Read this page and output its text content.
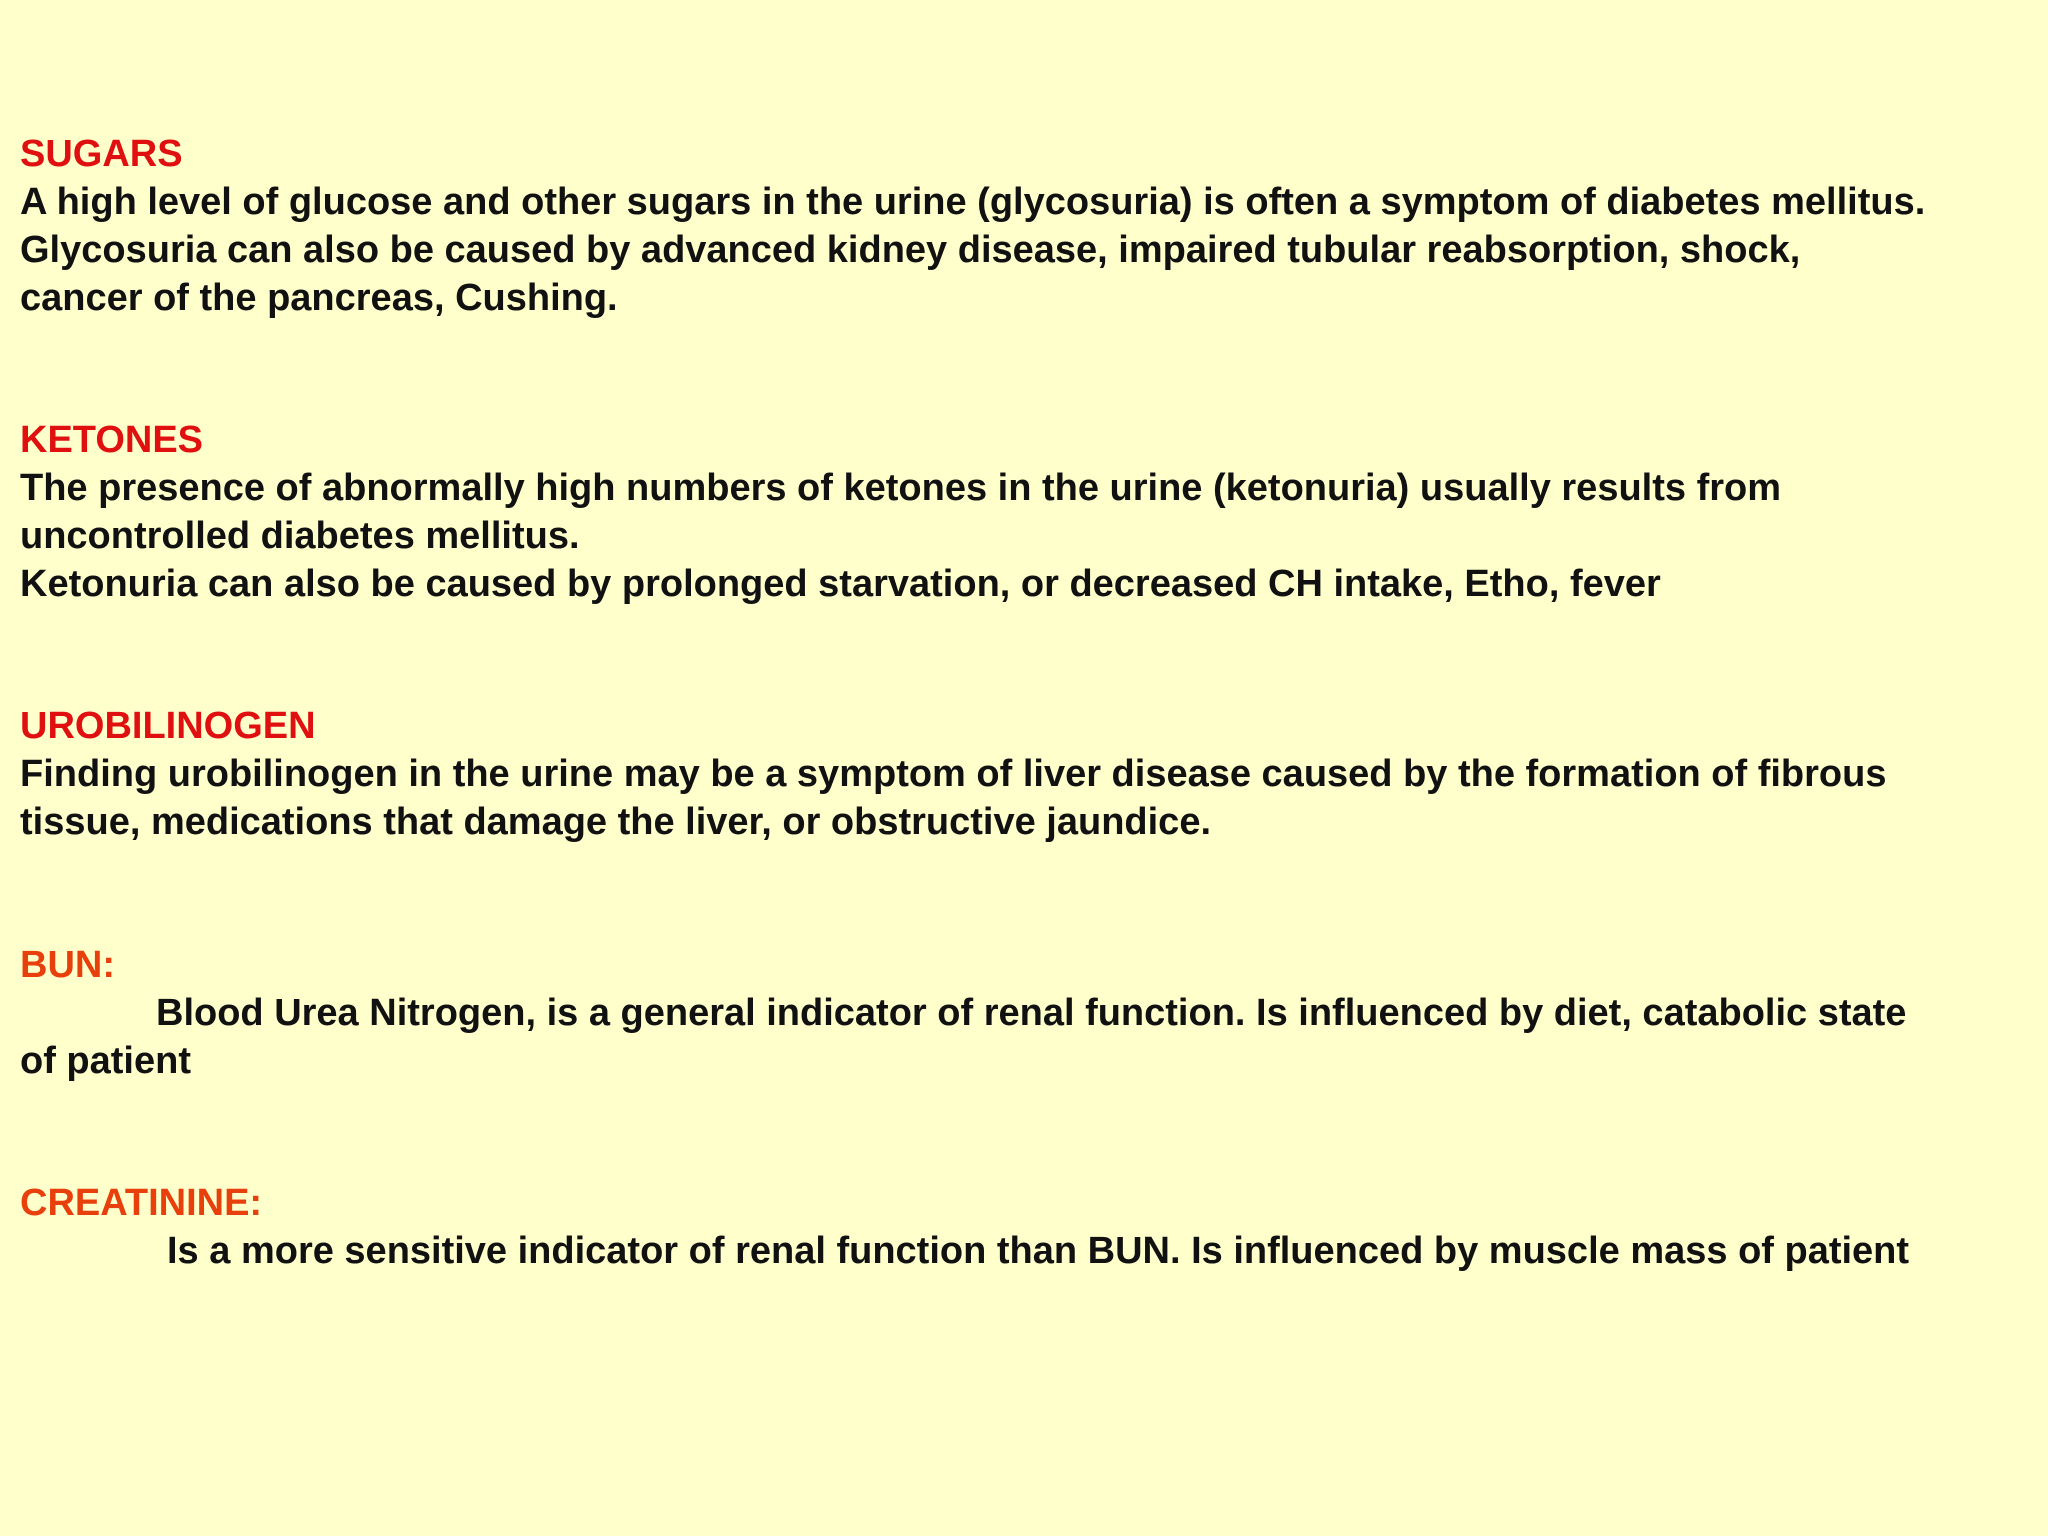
SUGARS

A high level of glucose and other sugars in the urine (glycosuria) is often a symptom of diabetes mellitus.

Glycosuria can also be caused by advanced kidney disease, impaired tubular reabsorption, shock,

cancer of the pancreas, Cushing.

KETONES

The presence of abnormally high numbers of ketones in the urine (ketonuria) usually results from

uncontrolled diabetes mellitus.

Ketonuria can also be caused by prolonged starvation, or decreased CH intake, Etho, fever

UROBILINOGEN

Finding urobilinogen in the urine may be a symptom of liver disease caused by the formation of fibrous

tissue, medications that damage the liver, or obstructive jaundice.

BUN:

Blood Urea Nitrogen, is a general indicator of renal function. Is influenced by diet, catabolic state

of patient

CREATININE:

Is a more sensitive indicator of renal function than BUN. Is influenced by muscle mass of patient
